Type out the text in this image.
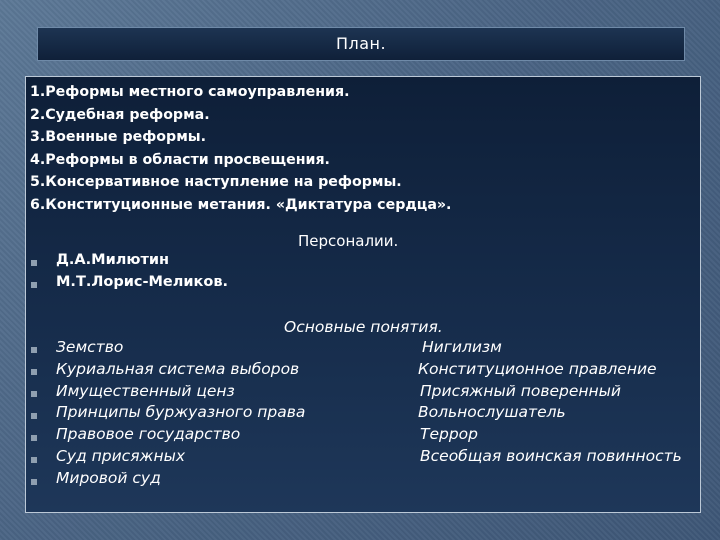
План.
1.Реформы местного самоуправления.
2.Судебная реформа.
3.Военные реформы.
4.Реформы в области просвещения.
5.Консервативное наступление на реформы.
6.Конституционные метания. «Диктатура сердца».
Персоналии.
Д.А.Милютин
М.Т.Лорис-Меликов.
Основные понятия.
Земство
Куриальная система выборов
Имущественный ценз
Принципы буржуазного права
Правовое государство
Суд присяжных
Мировой суд
Нигилизм
Конституционное правление
Присяжный поверенный
Вольнослушатель
Террор
Всеобщая воинская повинность
